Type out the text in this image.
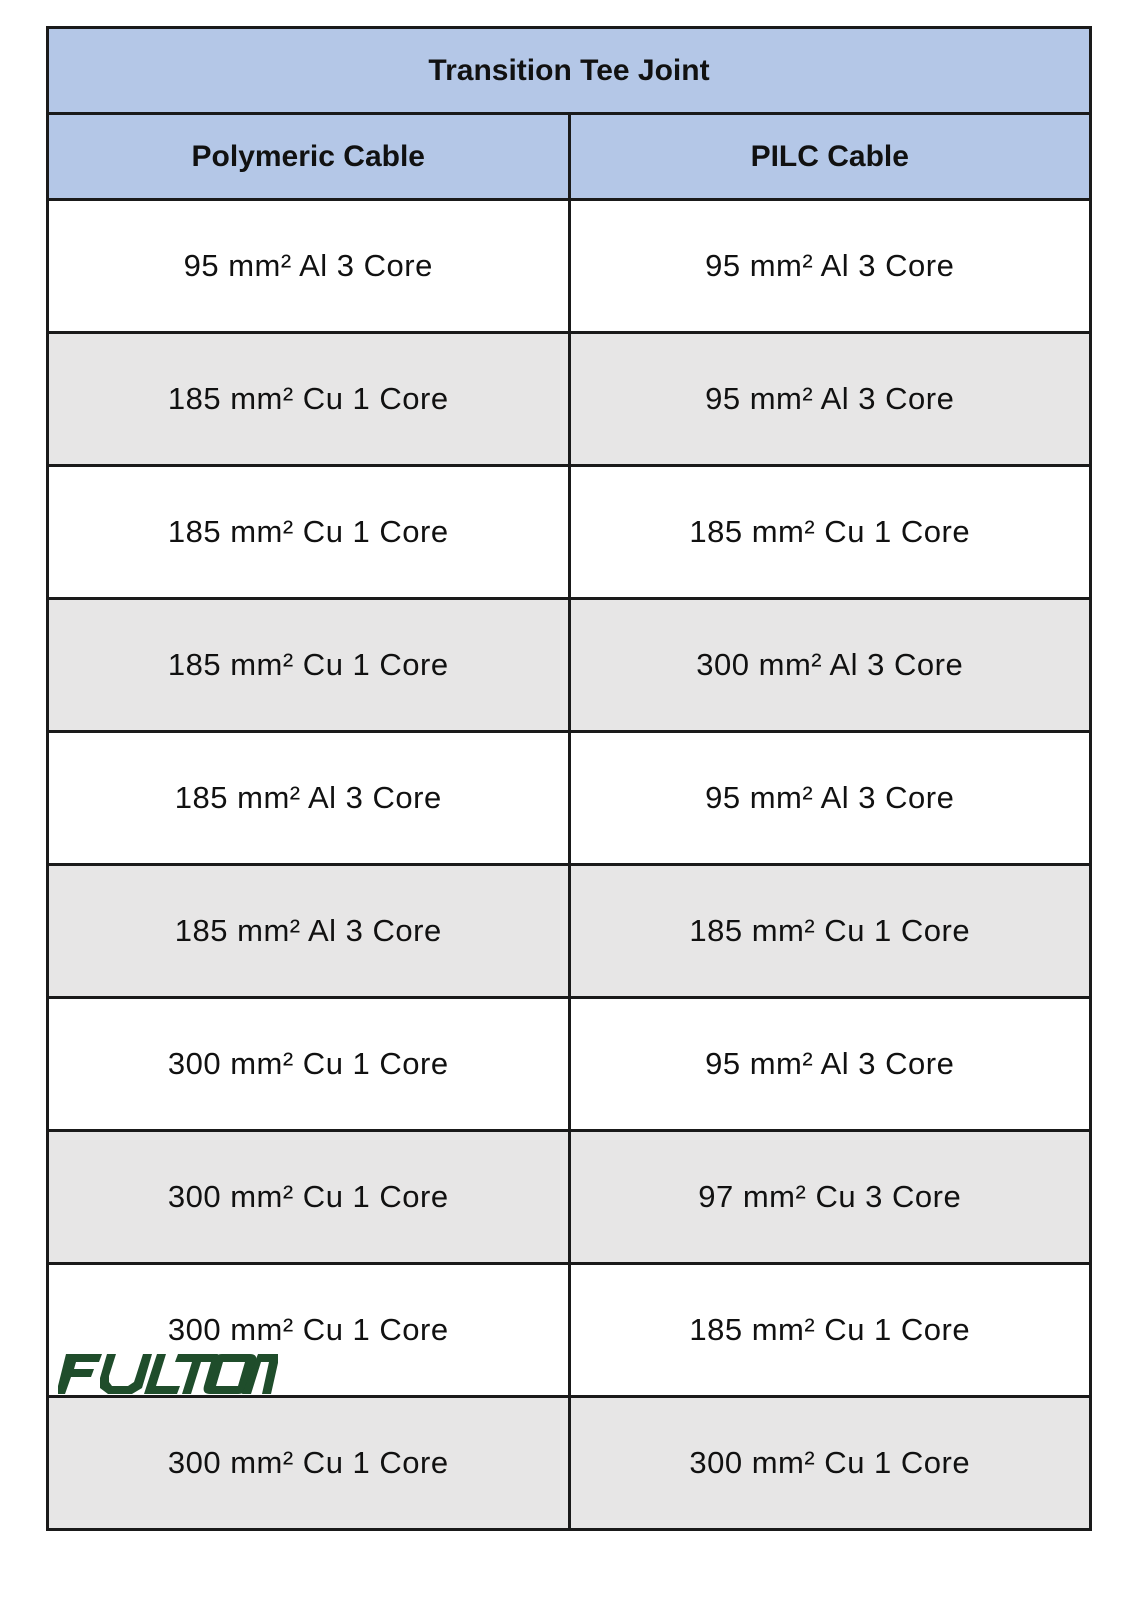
Transition Tee Joint	
Polymeric Cable	PILC Cable
95 mm² Al 3 Core	95 mm² Al 3 Core
185 mm² Cu 1 Core	95 mm² Al 3 Core
185 mm² Cu 1 Core	185 mm² Cu 1 Core
185 mm² Cu 1 Core	300 mm² Al 3 Core
185 mm² Al 3 Core	95 mm² Al 3 Core
185 mm² Al 3 Core	185 mm² Cu 1 Core
300 mm² Cu 1 Core	95 mm² Al 3 Core
300 mm² Cu 1 Core	97 mm² Cu 3 Core
300 mm² Cu 1 Core	185 mm² Cu 1 Core
300 mm² Cu 1 Core	300 mm² Cu 1 Core
